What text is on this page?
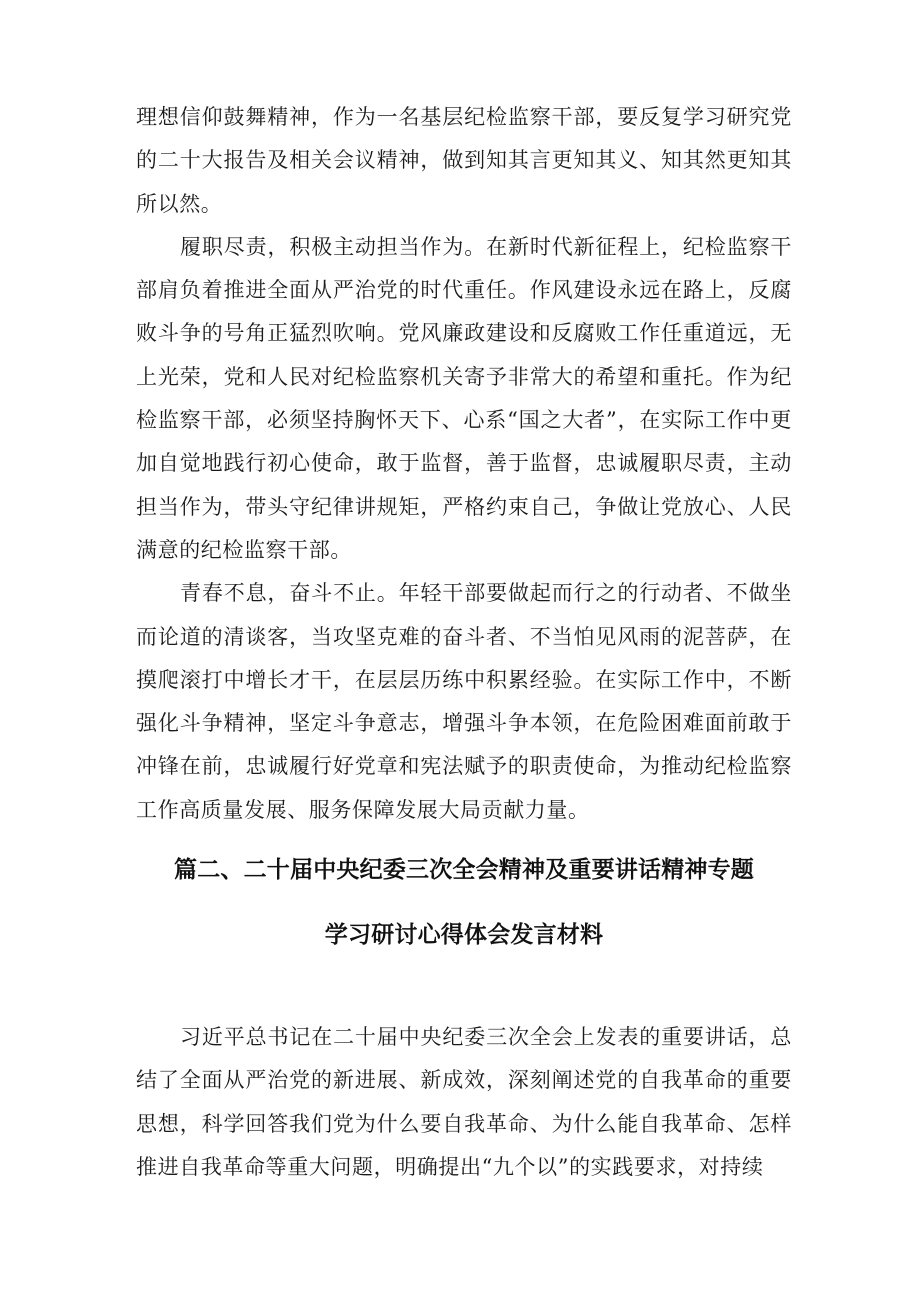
理想信仰鼓舞精神，作为一名基层纪检监察干部，要反复学习研究党的二十大报告及相关会议精神，做到知其言更知其义、知其然更知其所以然。

履职尽责，积极主动担当作为。在新时代新征程上，纪检监察干部肩负着推进全面从严治党的时代重任。作风建设永远在路上，反腐败斗争的号角正猛烈吹响。党风廉政建设和反腐败工作任重道远，无上光荣，党和人民对纪检监察机关寄予非常大的希望和重托。作为纪检监察干部，必须坚持胸怀天下、心系“国之大者”，在实际工作中更加自觉地践行初心使命，敢于监督，善于监督，忠诚履职尽责，主动担当作为，带头守纪律讲规矩，严格约束自己，争做让党放心、人民满意的纪检监察干部。

青春不息，奋斗不止。年轻干部要做起而行之的行动者、不做坐而论道的清谈客，当攻坚克难的奋斗者、不当怕见风雨的泥菩萨，在摸爬滚打中增长才干，在层层历练中积累经验。在实际工作中，不断强化斗争精神，坚定斗争意志，增强斗争本领，在危险困难面前敢于冲锋在前，忠诚履行好党章和宪法赋予的职责使命，为推动纪检监察工作高质量发展、服务保障发展大局贡献力量。

篇二、二十届中央纪委三次全会精神及重要讲话精神专题
学习研讨心得体会发言材料

习近平总书记在二十届中央纪委三次全会上发表的重要讲话，总结了全面从严治党的新进展、新成效，深刻阐述党的自我革命的重要思想，科学回答我们党为什么要自我革命、为什么能自我革命、怎样推进自我革命等重大问题，明确提出“九个以”的实践要求，对持续
